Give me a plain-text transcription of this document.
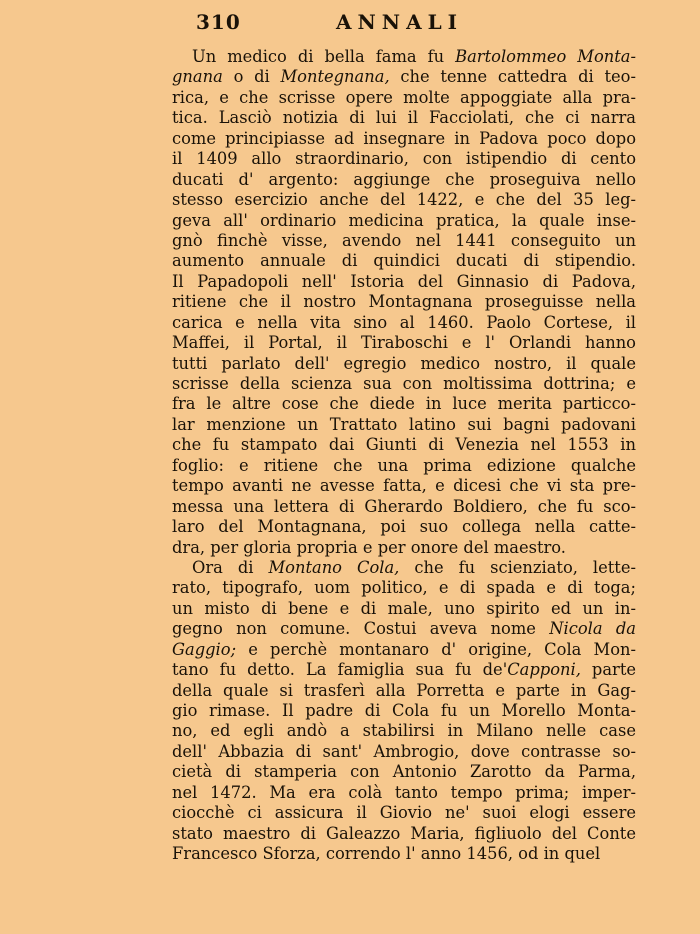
310	ANNALI
Un medico di bella fama fu Bartolommeo Monta-
gnana o di Montegnana, che tenne cattedra di teo-
rica, e che scrisse opere molte appoggiate alla pra-
tica. Lasciò notizia di lui il Facciolati, che ci narra
come principiasse ad insegnare in Padova poco dopo
il 1409 allo straordinario, con istipendio di cento
ducati d' argento: aggiunge che proseguiva nello
stesso esercizio anche del 1422, e che del 35 leg-
geva all' ordinario medicina pratica, la quale inse-
gnò finchè visse, avendo nel 1441 conseguito un
aumento annuale di quindici ducati di stipendio.
Il Papadopoli nell' Istoria del Ginnasio di Padova,
ritiene che il nostro Montagnana proseguisse nella
carica e nella vita sino al 1460. Paolo Cortese, il
Maffei, il Portal, il Tiraboschi e l' Orlandi hanno
tutti parlato dell' egregio medico nostro, il quale
scrisse della scienza sua con moltissima dottrina; e
fra le altre cose che diede in luce merita particco-
lar menzione un Trattato latino sui bagni padovani
che fu stampato dai Giunti di Venezia nel 1553 in
foglio: e ritiene che una prima edizione qualche
tempo avanti ne avesse fatta, e dicesi che vi sta pre-
messa una lettera di Gherardo Boldiero, che fu sco-
laro del Montagnana, poi suo collega nella catte-
dra, per gloria propria e per onore del maestro.
Ora di Montano Cola, che fu scienziato, lette-
rato, tipografo, uom politico, e di spada e di toga;
un misto di bene e di male, uno spirito ed un in-
gegno non comune. Costui aveva nome Nicola da
Gaggio; e perchè montanaro d' origine, Cola Mon-
tano fu detto. La famiglia sua fu de'Capponi, parte
della quale si trasferì alla Porretta e parte in Gag-
gio rimase. Il padre di Cola fu un Morello Monta-
no, ed egli andò a stabilirsi in Milano nelle case
dell' Abbazia di sant' Ambrogio, dove contrasse so-
cietà di stamperia con Antonio Zarotto da Parma,
nel 1472. Ma era colà tanto tempo prima; imper-
ciocchè ci assicura il Giovio ne' suoi elogi essere
stato maestro di Galeazzo Maria, figliuolo del Conte
Francesco Sforza, correndo l' anno 1456, od in quel
